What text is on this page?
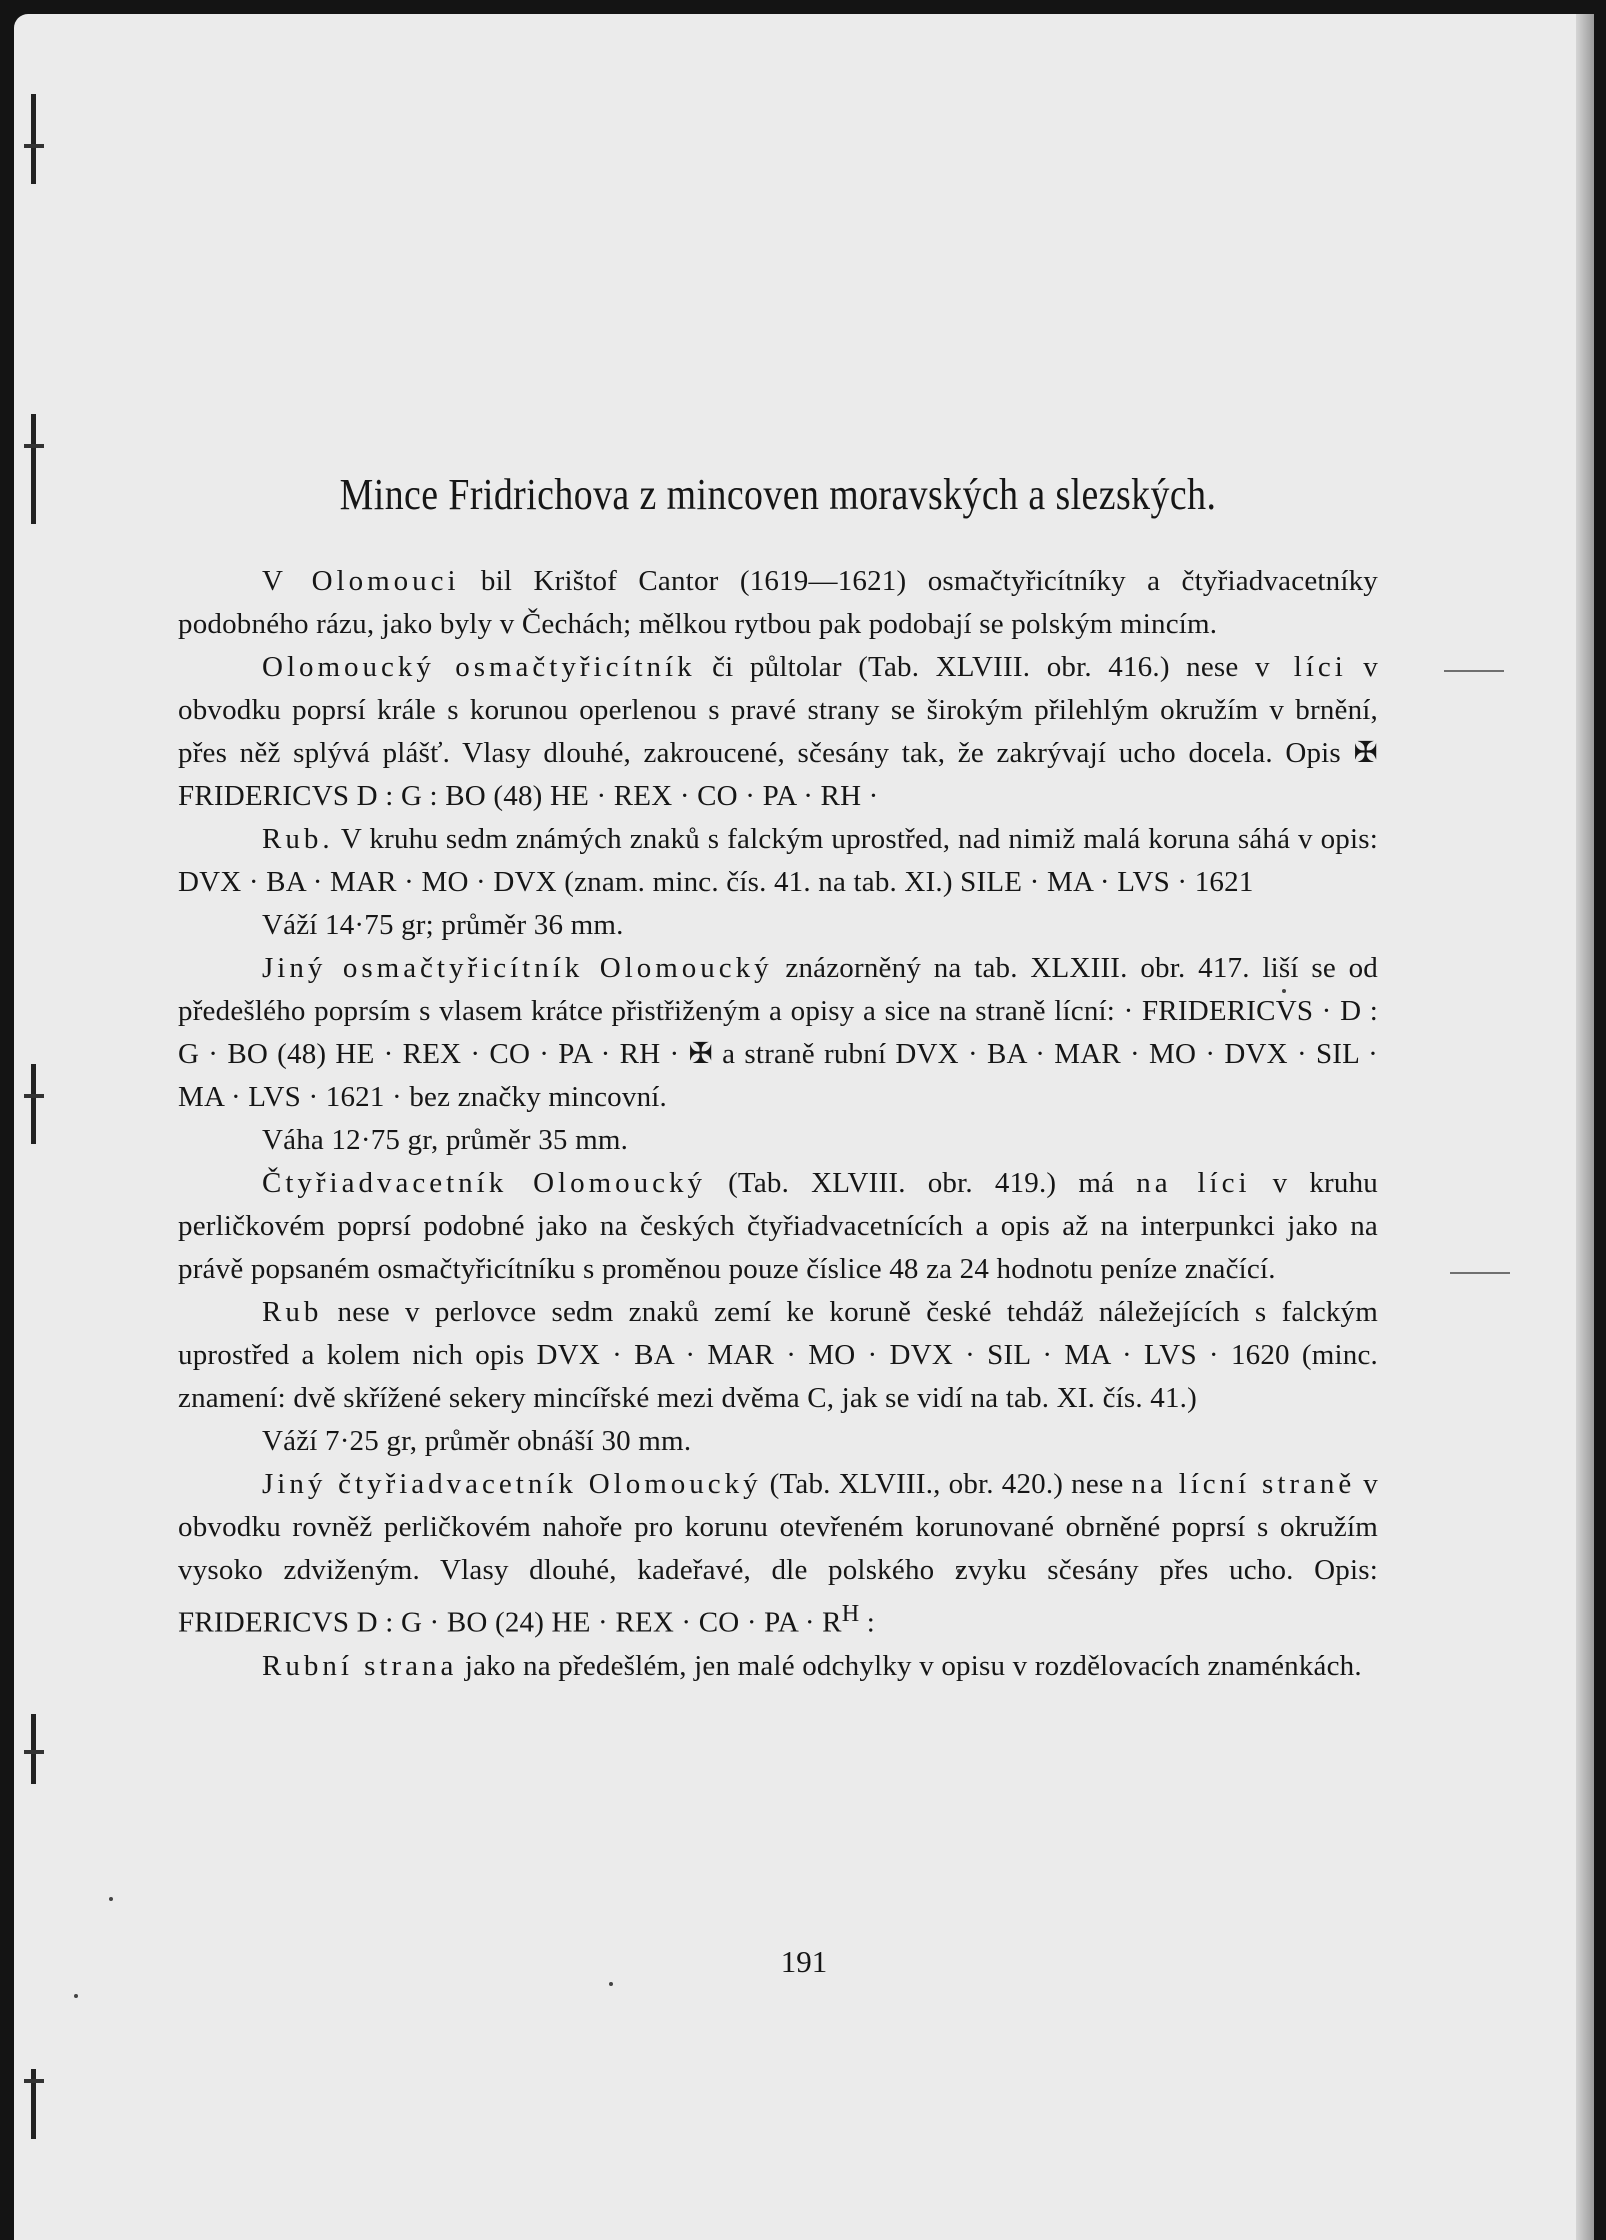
Mince Fridrichova z mincoven moravských a slezských.

V Olomouci bil Krištof Cantor (1619—1621) osmačtyřicítníky a čtyřiadvacetníky podobného rázu, jako byly v Čechách; mělkou rytbou pak podobají se polským mincím.

Olomoucký osmačtyřicítník či půltolar (Tab. XLVIII. obr. 416.) nese v líci v obvodku poprsí krále s korunou operlenou s pravé strany se širokým přilehlým okružím v brnění, přes něž splývá plášť. Vlasy dlouhé, zakroucené, sčesány tak, že zakrývají ucho docela. Opis ✠ FRIDERICVS D : G : BO (48) HE · REX · CO · PA · RH ·

Rub. V kruhu sedm známých znaků s falckým uprostřed, nad nimiž malá koruna sáhá v opis: DVX · BA · MAR · MO · DVX (znam. minc. čís. 41. na tab. XI.) SILE · MA · LVS · 1621

Váží 14·75 gr; průměr 36 mm.

Jiný osmačtyřicítník Olomoucký znázorněný na tab. XLXIII. obr. 417. liší se od předešlého poprsím s vlasem krátce přistřiženým a opisy a sice na straně lícní: · FRIDERICVS · D : G · BO (48) HE · REX · CO · PA · RH · ✠ a straně rubní DVX · BA · MAR · MO · DVX · SIL · MA · LVS · 1621 · bez značky mincovní.

Váha 12·75 gr, průměr 35 mm.

Čtyřiadvacetník Olomoucký (Tab. XLVIII. obr. 419.) má na líci v kruhu perličkovém poprsí podobné jako na českých čtyřiadvacetnících a opis až na interpunkci jako na právě popsaném osmačtyřicítníku s proměnou pouze číslice 48 za 24 hodnotu peníze značící.

Rub nese v perlovce sedm znaků zemí ke koruně české tehdáž náležejících s falckým uprostřed a kolem nich opis DVX · BA · MAR · MO · DVX · SIL · MA · LVS · 1620 (minc. znamení: dvě skřížené sekery mincířské mezi dvěma C, jak se vidí na tab. XI. čís. 41.)

Váží 7·25 gr, průměr obnáší 30 mm.

Jiný čtyřiadvacetník Olomoucký (Tab. XLVIII., obr. 420.) nese na lícní straně v obvodku rovněž perličkovém nahoře pro korunu otevřeném korunované obrněné poprsí s okružím vysoko zdviženým. Vlasy dlouhé, kadeřavé, dle polského zvyku sčesány přes ucho. Opis: FRIDERICVS D : G · BO (24) HE · REX · CO · PA · $R^H$ :

Rubní strana jako na předešlém, jen malé odchylky v opisu v rozdělovacích znaménkách.

191
